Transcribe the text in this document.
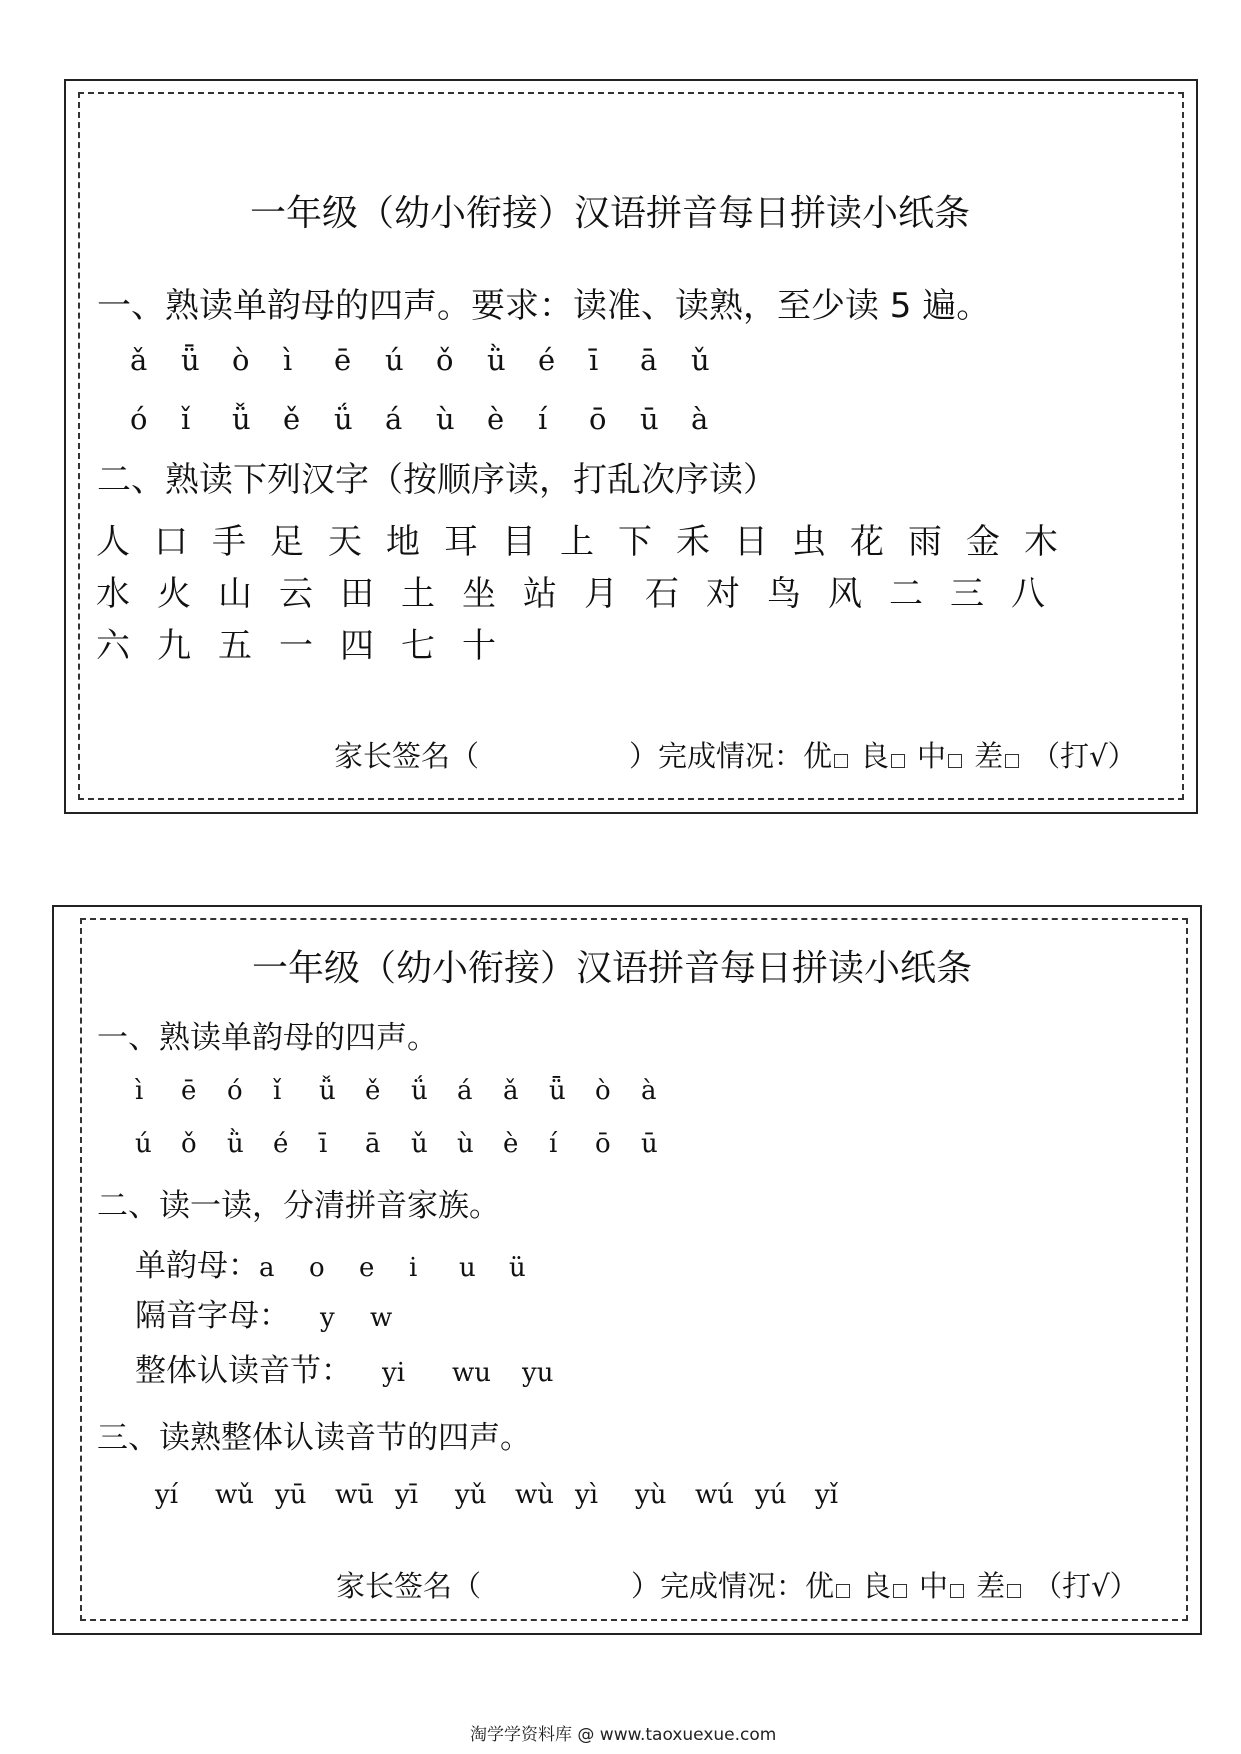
一年级（幼小衔接）汉语拼音每日拼读小纸条
一、熟读单韵母的四声。要求：读准、读熟，至少读 5 遍。
ǎ	ǖ	ò	ì	ē	ú	ǒ	ǜ	é	ī	ā	ǔ
ó	ǐ	ǚ	ě	ǘ	á	ù	è	í	ō	ū	à
二、熟读下列汉字（按顺序读，打乱次序读）
人 口 手 足 天 地 耳 目 上 下 禾 日 虫 花 雨 金 木
水 火 山 云 田 土 坐 站 月 石 对 鸟 风 二 三 八
六 九 五 一 四 七 十
家长签名（	）完成情况：优 良 中 差 （打√）
一年级（幼小衔接）汉语拼音每日拼读小纸条
一、熟读单韵母的四声。
ì	ē	ó	ǐ	ǚ	ě	ǘ	á	ǎ	ǖ	ò	à
ú	ǒ	ǜ	é	ī	ā	ǔ	ù	è	í	ō	ū
二、读一读，分清拼音家族。
单韵母： a	o	e	i	u	ü
隔音字母： y	w
整体认读音节： yi	wu	yu
三、读熟整体认读音节的四声。
yí	wǔ yū	wū yī	yǔ	wù yì	yù	wú yú	yǐ
家长签名（	）完成情况：优 良 中 差 （打√）
淘学学资料库 @ www.taoxuexue.com
